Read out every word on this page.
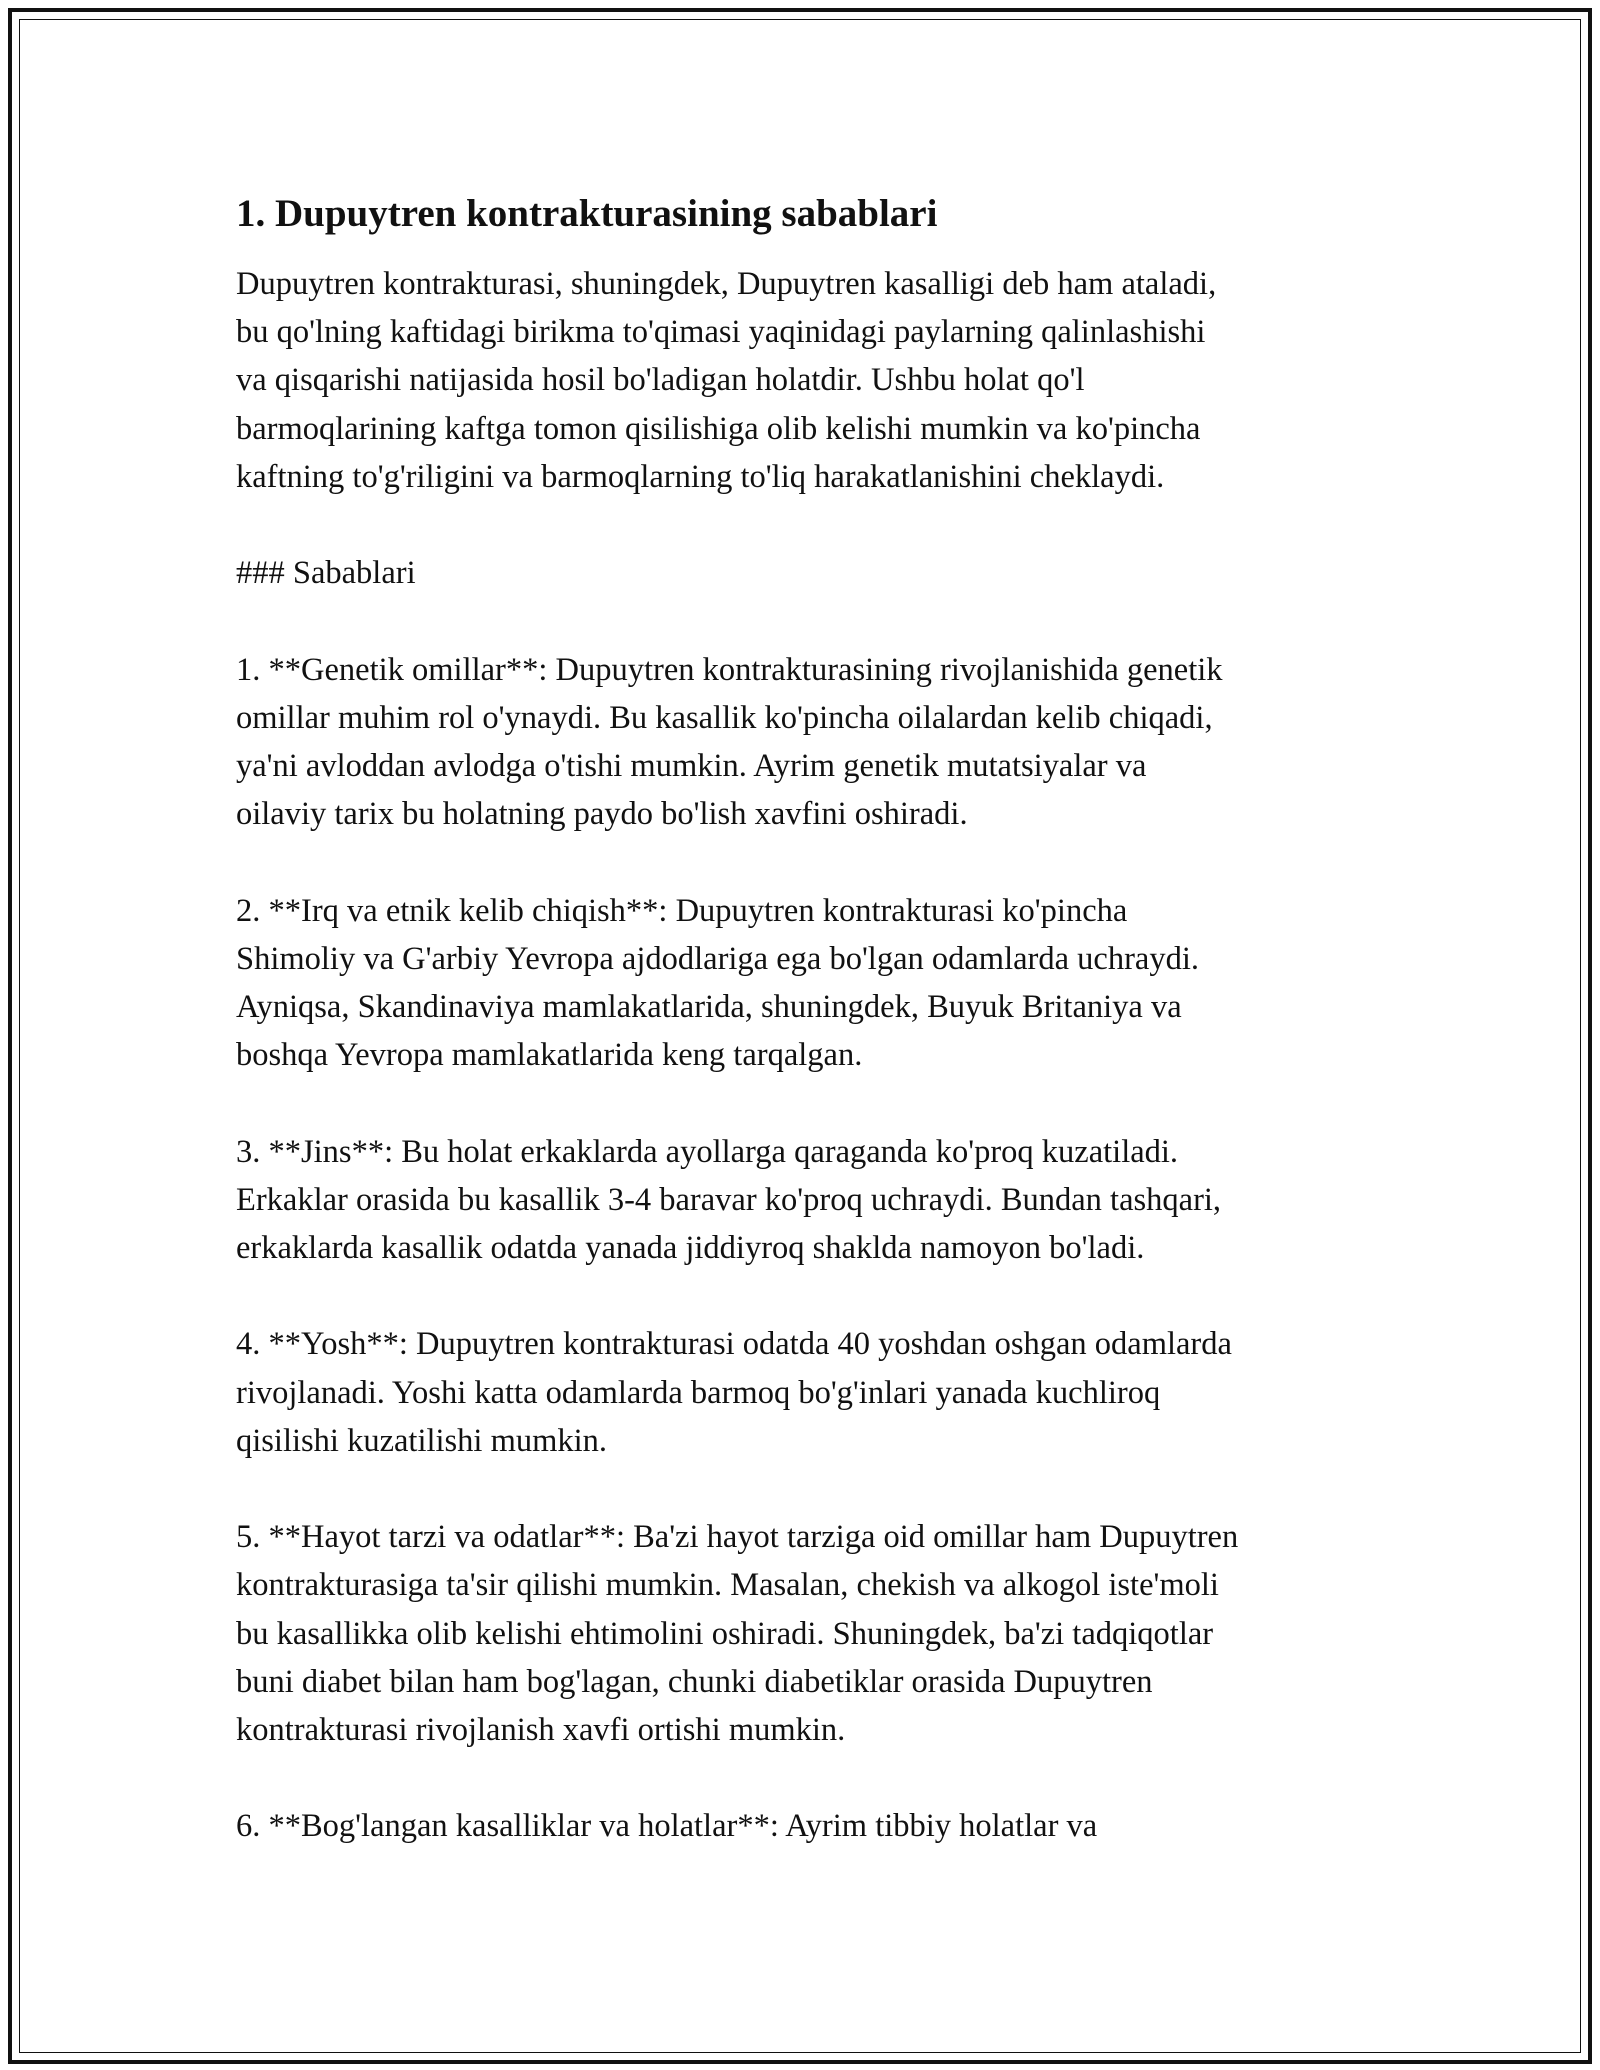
1. Dupuytren kontrakturasining sabablari

Dupuytren kontrakturasi, shuningdek, Dupuytren kasalligi deb ham ataladi,
bu qo'lning kaftidagi birikma to'qimasi yaqinidagi paylarning qalinlashishi
va qisqarishi natijasida hosil bo'ladigan holatdir. Ushbu holat qo'l
barmoqlarining kaftga tomon qisilishiga olib kelishi mumkin va ko'pincha
kaftning to'g'riligini va barmoqlarning to'liq harakatlanishini cheklaydi.

### Sabablari

1. **Genetik omillar**: Dupuytren kontrakturasining rivojlanishida genetik
omillar muhim rol o'ynaydi. Bu kasallik ko'pincha oilalardan kelib chiqadi,
ya'ni avloddan avlodga o'tishi mumkin. Ayrim genetik mutatsiyalar va
oilaviy tarix bu holatning paydo bo'lish xavfini oshiradi.

2. **Irq va etnik kelib chiqish**: Dupuytren kontrakturasi ko'pincha
Shimoliy va G'arbiy Yevropa ajdodlariga ega bo'lgan odamlarda uchraydi.
Ayniqsa, Skandinaviya mamlakatlarida, shuningdek, Buyuk Britaniya va
boshqa Yevropa mamlakatlarida keng tarqalgan.

3. **Jins**: Bu holat erkaklarda ayollarga qaraganda ko'proq kuzatiladi.
Erkaklar orasida bu kasallik 3-4 baravar ko'proq uchraydi. Bundan tashqari,
erkaklarda kasallik odatda yanada jiddiyroq shaklda namoyon bo'ladi.

4. **Yosh**: Dupuytren kontrakturasi odatda 40 yoshdan oshgan odamlarda
rivojlanadi. Yoshi katta odamlarda barmoq bo'g'inlari yanada kuchliroq
qisilishi kuzatilishi mumkin.

5. **Hayot tarzi va odatlar**: Ba'zi hayot tarziga oid omillar ham Dupuytren
kontrakturasiga ta'sir qilishi mumkin. Masalan, chekish va alkogol iste'moli
bu kasallikka olib kelishi ehtimolini oshiradi. Shuningdek, ba'zi tadqiqotlar
buni diabet bilan ham bog'lagan, chunki diabetiklar orasida Dupuytren
kontrakturasi rivojlanish xavfi ortishi mumkin.

6. **Bog'langan kasalliklar va holatlar**: Ayrim tibbiy holatlar va
